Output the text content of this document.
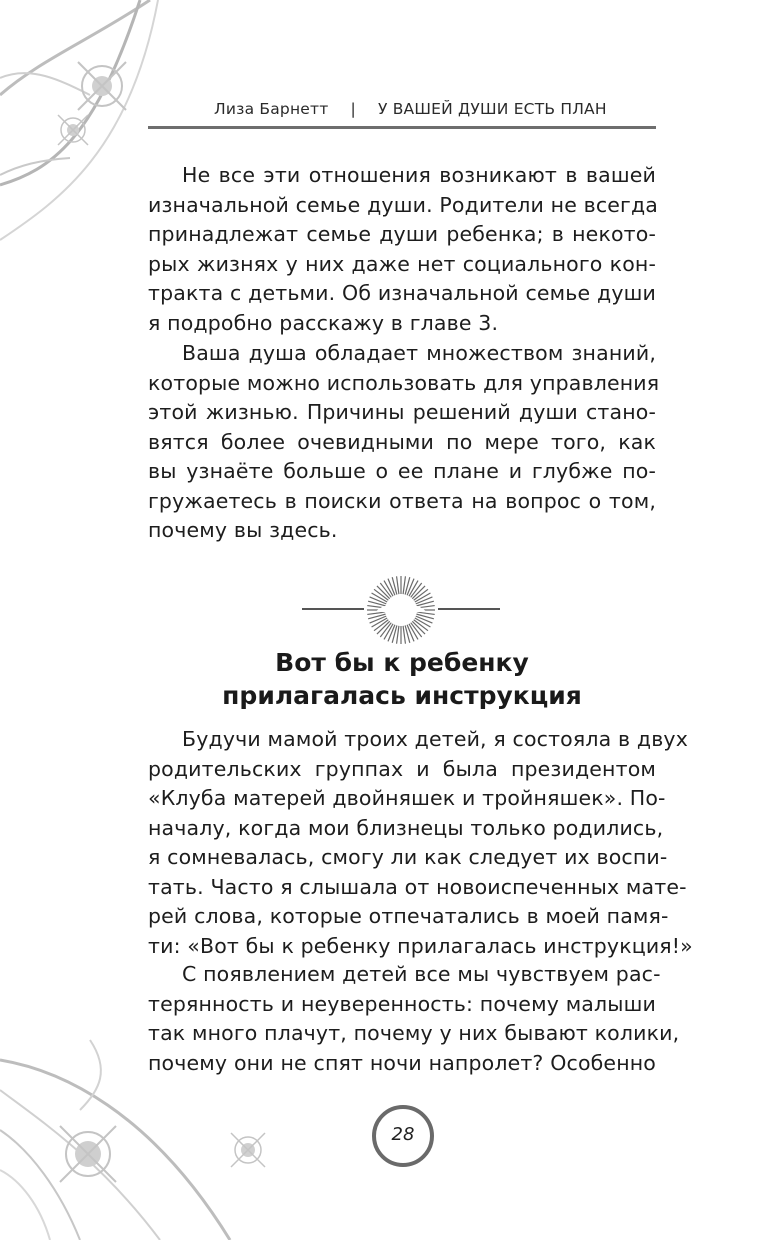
Лиза Барнетт | У ВАШЕЙ ДУШИ ЕСТЬ ПЛАН
Не все эти отношения возникают в вашей
изначальной семье души. Родители не всегда
принадлежат семье души ребенка; в некото-
рых жизнях у них даже нет социального кон-
тракта с детьми. Об изначальной семье души
я подробно расскажу в главе 3.
Ваша душа обладает множеством знаний,
которые можно использовать для управления
этой жизнью. Причины решений души стано-
вятся более очевидными по мере того, как
вы узнаёте больше о ее плане и глубже по-
гружаетесь в поиски ответа на вопрос о том,
почему вы здесь.
Вот бы к ребенку
прилагалась инструкция
Будучи мамой троих детей, я состояла в двух
родительских группах и была президентом
«Клуба матерей двойняшек и тройняшек». По-
началу, когда мои близнецы только родились,
я сомневалась, смогу ли как следует их воспи-
тать. Часто я слышала от новоиспеченных мате-
рей слова, которые отпечатались в моей памя-
ти: «Вот бы к ребенку прилагалась инструкция!»
С появлением детей все мы чувствуем рас-
терянность и неуверенность: почему малыши
так много плачут, почему у них бывают колики,
почему они не спят ночи напролет? Особенно
28
